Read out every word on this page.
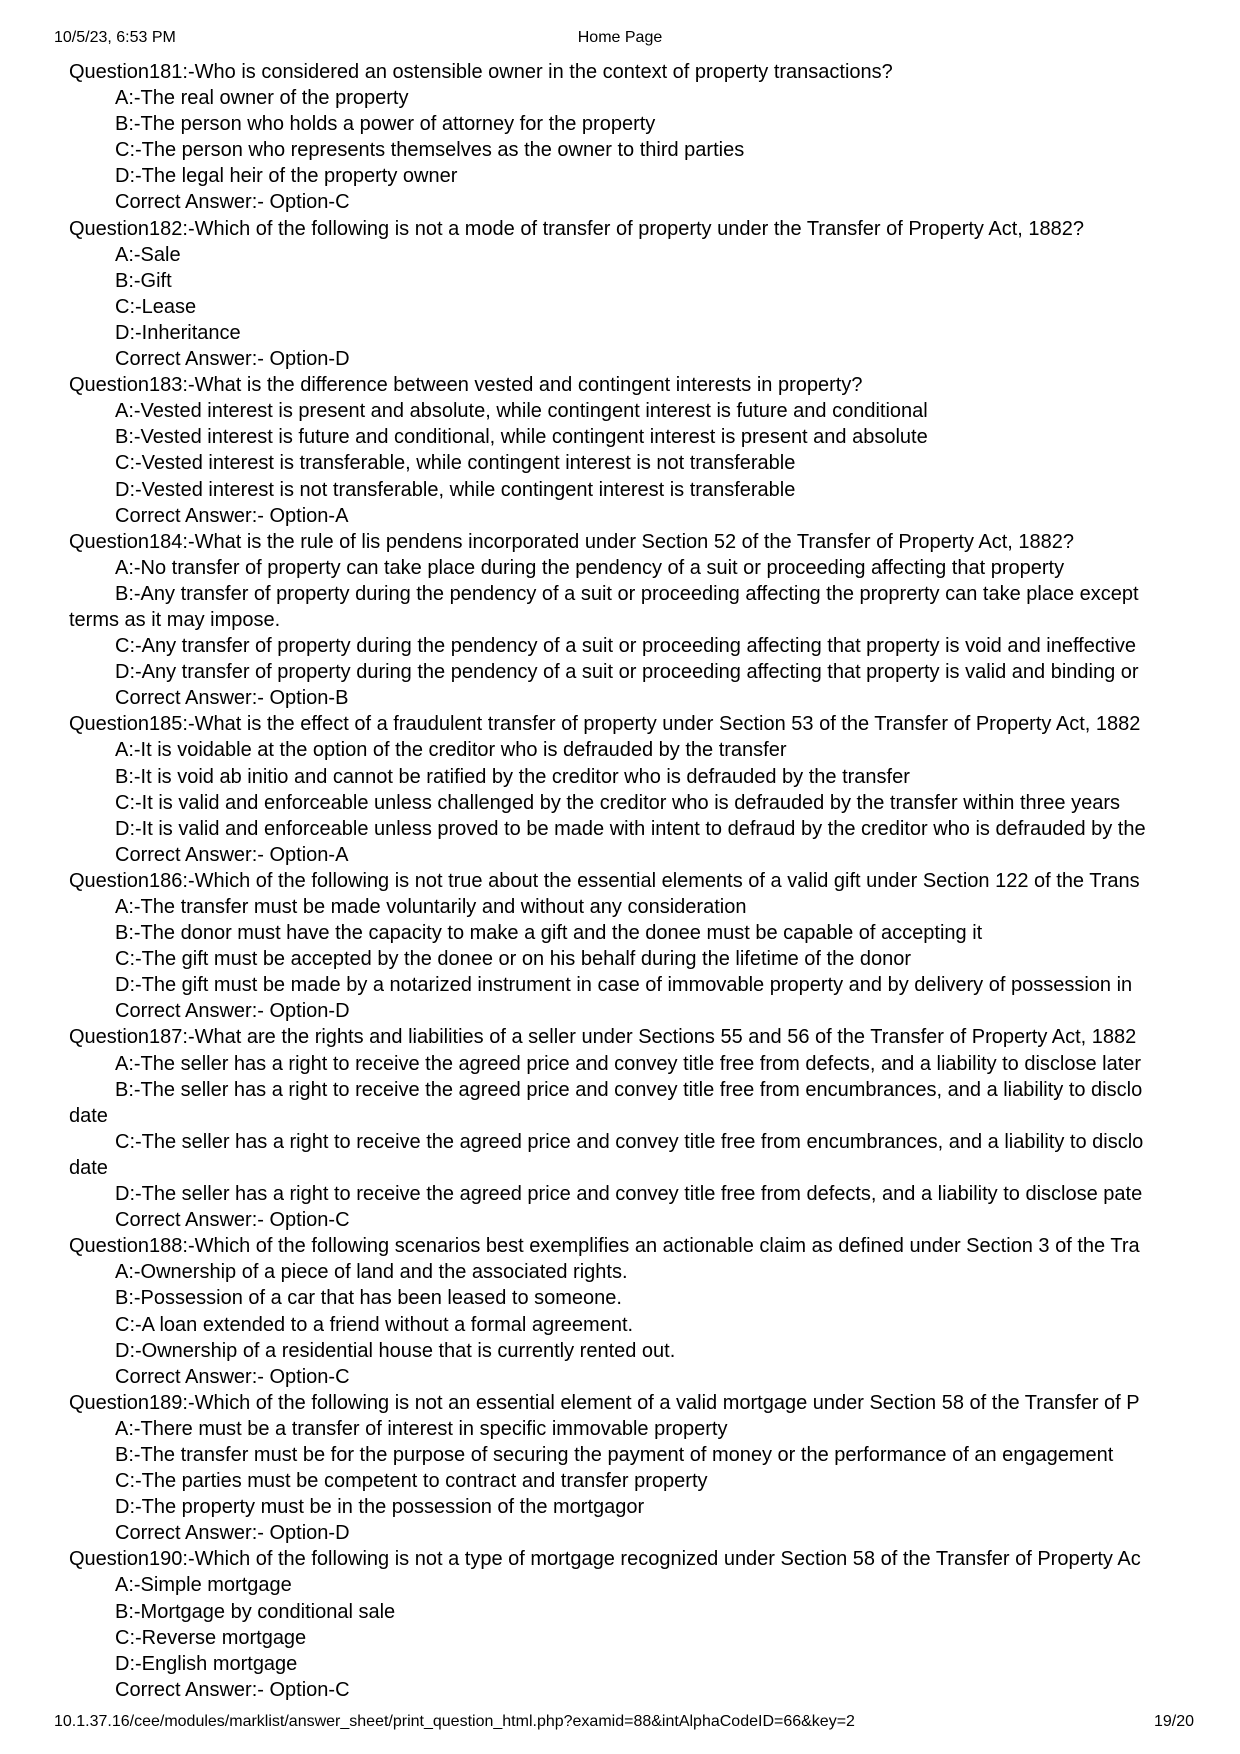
10/5/23, 6:53 PM	Home Page
Question181:-Who is considered an ostensible owner in the context of property transactions?
A:-The real owner of the property
B:-The person who holds a power of attorney for the property
C:-The person who represents themselves as the owner to third parties
D:-The legal heir of the property owner
Correct Answer:- Option-C
Question182:-Which of the following is not a mode of transfer of property under the Transfer of Property Act, 1882?
A:-Sale
B:-Gift
C:-Lease
D:-Inheritance
Correct Answer:- Option-D
Question183:-What is the difference between vested and contingent interests in property?
A:-Vested interest is present and absolute, while contingent interest is future and conditional
B:-Vested interest is future and conditional, while contingent interest is present and absolute
C:-Vested interest is transferable, while contingent interest is not transferable
D:-Vested interest is not transferable, while contingent interest is transferable
Correct Answer:- Option-A
Question184:-What is the rule of lis pendens incorporated under Section 52 of the Transfer of Property Act, 1882?
A:-No transfer of property can take place during the pendency of a suit or proceeding affecting that property
B:-Any transfer of property during the pendency of a suit or proceeding affecting the proprerty can take place except
terms as it may impose.
C:-Any transfer of property during the pendency of a suit or proceeding affecting that property is void and ineffective
D:-Any transfer of property during the pendency of a suit or proceeding affecting that property is valid and binding or
Correct Answer:- Option-B
Question185:-What is the effect of a fraudulent transfer of property under Section 53 of the Transfer of Property Act, 1882
A:-It is voidable at the option of the creditor who is defrauded by the transfer
B:-It is void ab initio and cannot be ratified by the creditor who is defrauded by the transfer
C:-It is valid and enforceable unless challenged by the creditor who is defrauded by the transfer within three years
D:-It is valid and enforceable unless proved to be made with intent to defraud by the creditor who is defrauded by the
Correct Answer:- Option-A
Question186:-Which of the following is not true about the essential elements of a valid gift under Section 122 of the Trans
A:-The transfer must be made voluntarily and without any consideration
B:-The donor must have the capacity to make a gift and the donee must be capable of accepting it
C:-The gift must be accepted by the donee or on his behalf during the lifetime of the donor
D:-The gift must be made by a notarized instrument in case of immovable property and by delivery of possession in
Correct Answer:- Option-D
Question187:-What are the rights and liabilities of a seller under Sections 55 and 56 of the Transfer of Property Act, 1882
A:-The seller has a right to receive the agreed price and convey title free from defects, and a liability to disclose later
B:-The seller has a right to receive the agreed price and convey title free from encumbrances, and a liability to disclo
date
C:-The seller has a right to receive the agreed price and convey title free from encumbrances, and a liability to disclo
date
D:-The seller has a right to receive the agreed price and convey title free from defects, and a liability to disclose pate
Correct Answer:- Option-C
Question188:-Which of the following scenarios best exemplifies an actionable claim as defined under Section 3 of the Tra
A:-Ownership of a piece of land and the associated rights.
B:-Possession of a car that has been leased to someone.
C:-A loan extended to a friend without a formal agreement.
D:-Ownership of a residential house that is currently rented out.
Correct Answer:- Option-C
Question189:-Which of the following is not an essential element of a valid mortgage under Section 58 of the Transfer of P
A:-There must be a transfer of interest in specific immovable property
B:-The transfer must be for the purpose of securing the payment of money or the performance of an engagement
C:-The parties must be competent to contract and transfer property
D:-The property must be in the possession of the mortgagor
Correct Answer:- Option-D
Question190:-Which of the following is not a type of mortgage recognized under Section 58 of the Transfer of Property Ac
A:-Simple mortgage
B:-Mortgage by conditional sale
C:-Reverse mortgage
D:-English mortgage
Correct Answer:- Option-C
10.1.37.16/cee/modules/marklist/answer_sheet/print_question_html.php?examid=88&intAlphaCodeID=66&key=2	19/20
